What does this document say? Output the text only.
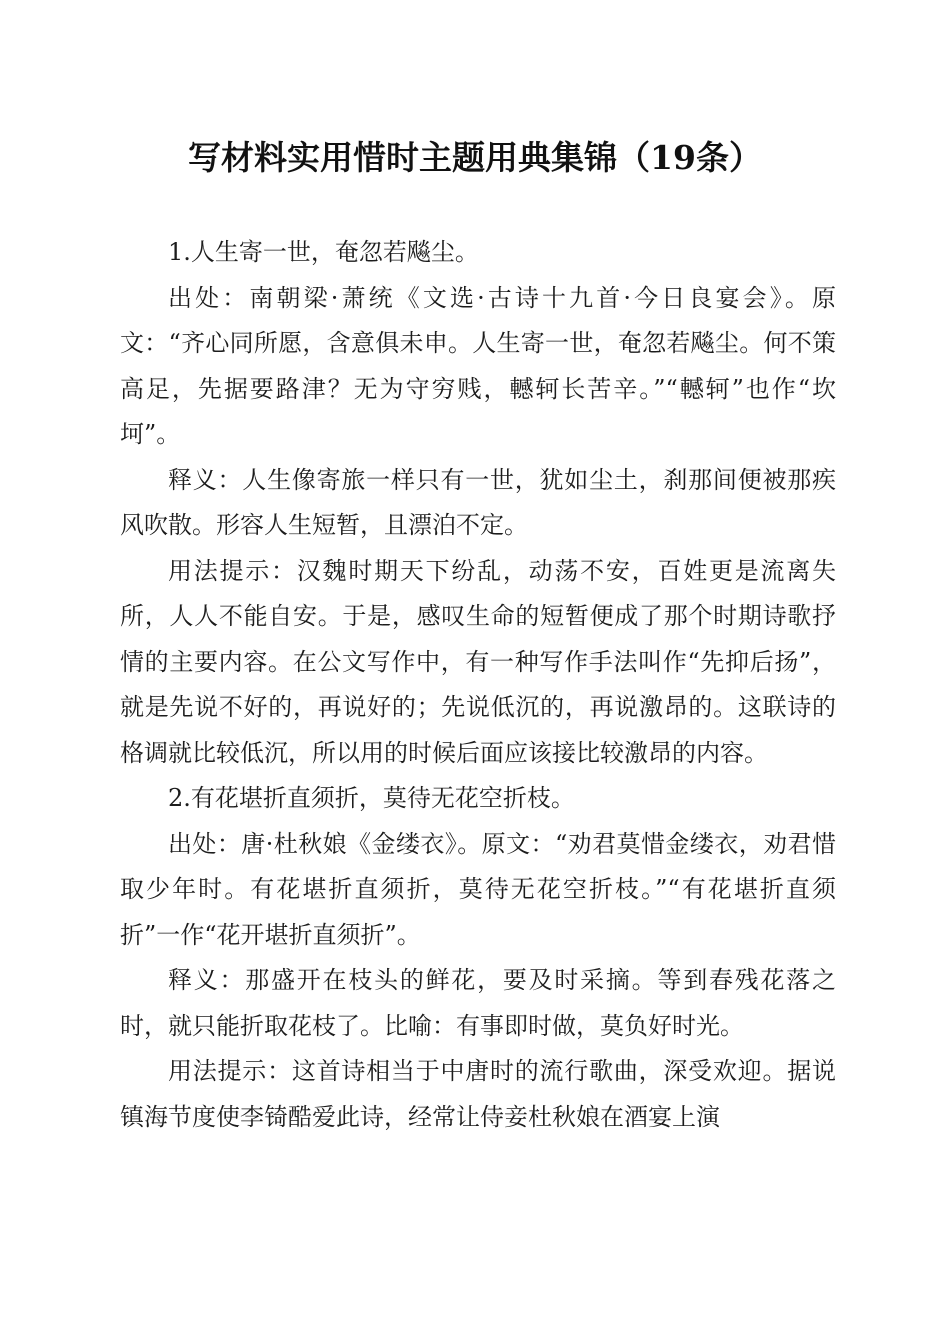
写材料实用惜时主题用典集锦（19条）

1.人生寄一世，奄忽若飚尘。

出处：南朝梁·萧统《文选·古诗十九首·今日良宴会》。原文：“齐心同所愿，含意俱未申。人生寄一世，奄忽若飚尘。何不策高足，先据要路津？无为守穷贱，轗轲长苦辛。”“轗轲”也作“坎坷”。

释义：人生像寄旅一样只有一世，犹如尘土，刹那间便被那疾风吹散。形容人生短暂，且漂泊不定。

用法提示：汉魏时期天下纷乱，动荡不安，百姓更是流离失所，人人不能自安。于是，感叹生命的短暂便成了那个时期诗歌抒情的主要内容。在公文写作中，有一种写作手法叫作“先抑后扬”，就是先说不好的，再说好的；先说低沉的，再说激昂的。这联诗的格调就比较低沉，所以用的时候后面应该接比较激昂的内容。

2.有花堪折直须折，莫待无花空折枝。

出处：唐·杜秋娘《金缕衣》。原文：“劝君莫惜金缕衣，劝君惜取少年时。有花堪折直须折，莫待无花空折枝。”“有花堪折直须折”一作“花开堪折直须折”。

释义：那盛开在枝头的鲜花，要及时采摘。等到春残花落之时，就只能折取花枝了。比喻：有事即时做，莫负好时光。

用法提示：这首诗相当于中唐时的流行歌曲，深受欢迎。据说镇海节度使李锜酷爱此诗，经常让侍妾杜秋娘在酒宴上演
